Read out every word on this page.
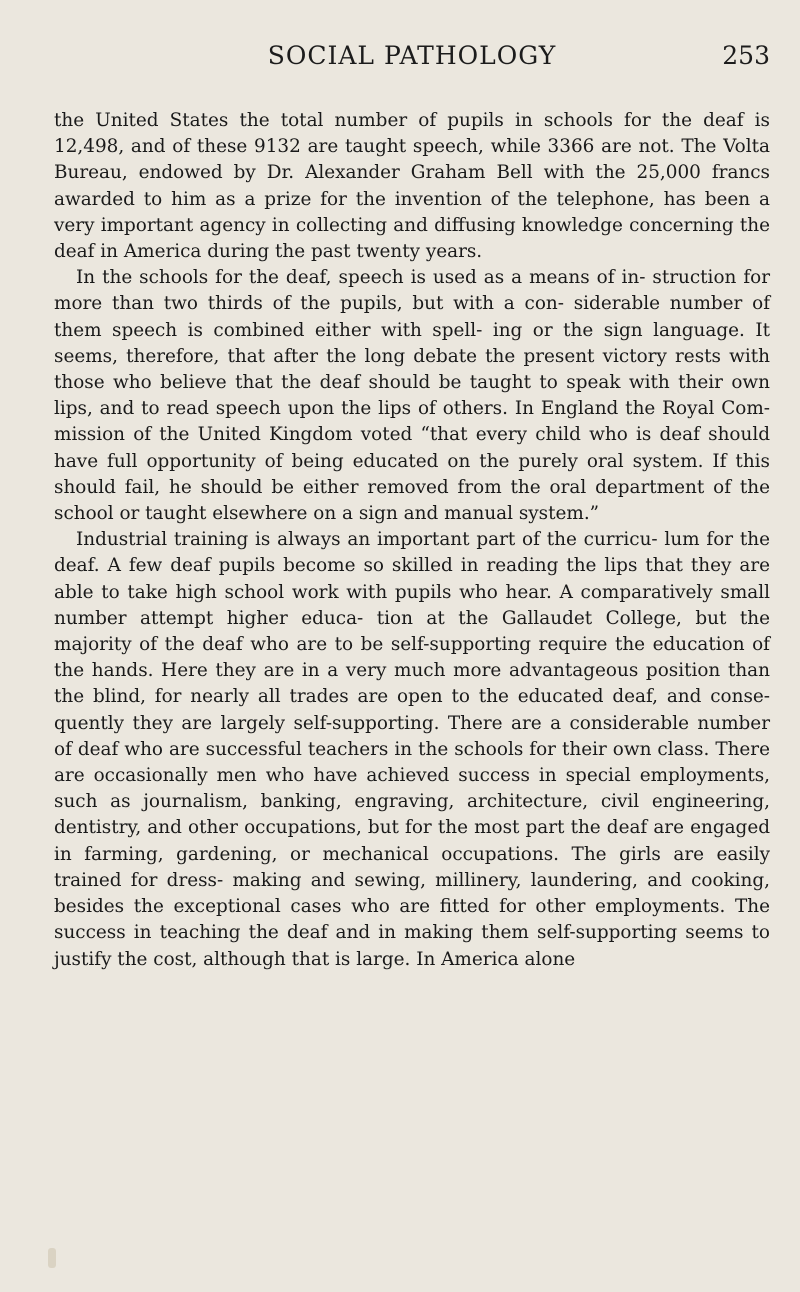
SOCIAL PATHOLOGY	253

the United States the total number of pupils in schools for the deaf is 12,498, and of these 9132 are taught speech, while 3366 are not. The Volta Bureau, endowed by Dr. Alexander Graham Bell with the 25,000 francs awarded to him as a prize for the invention of the telephone, has been a very important agency in collecting and diffusing knowledge concerning the deaf in America during the past twenty years.

In the schools for the deaf, speech is used as a means of in- struction for more than two thirds of the pupils, but with a con- siderable number of them speech is combined either with spell- ing or the sign language. It seems, therefore, that after the long debate the present victory rests with those who believe that the deaf should be taught to speak with their own lips, and to read speech upon the lips of others. In England the Royal Com- mission of the United Kingdom voted “that every child who is deaf should have full opportunity of being educated on the purely oral system. If this should fail, he should be either removed from the oral department of the school or taught elsewhere on a sign and manual system.”

Industrial training is always an important part of the curricu- lum for the deaf. A few deaf pupils become so skilled in reading the lips that they are able to take high school work with pupils who hear. A comparatively small number attempt higher educa- tion at the Gallaudet College, but the majority of the deaf who are to be self-supporting require the education of the hands. Here they are in a very much more advantageous position than the blind, for nearly all trades are open to the educated deaf, and conse- quently they are largely self-supporting. There are a considerable number of deaf who are successful teachers in the schools for their own class. There are occasionally men who have achieved success in special employments, such as journalism, banking, engraving, architecture, civil engineering, dentistry, and other occupations, but for the most part the deaf are engaged in farming, gardening, or mechanical occupations. The girls are easily trained for dress- making and sewing, millinery, laundering, and cooking, besides the exceptional cases who are fitted for other employments. The success in teaching the deaf and in making them self-supporting seems to justify the cost, although that is large. In America alone
